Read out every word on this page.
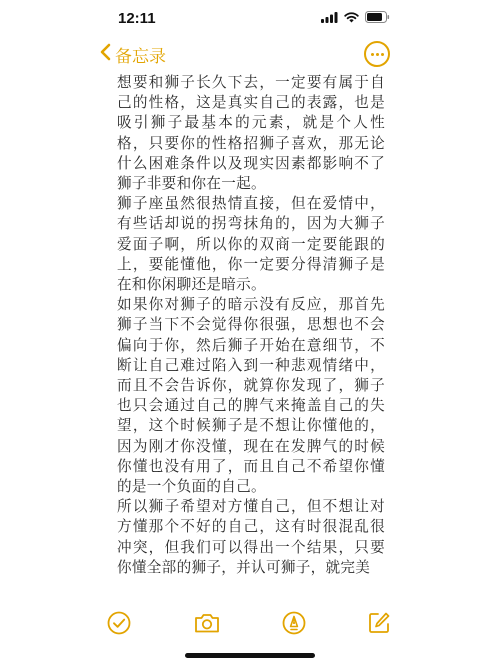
12:11
备忘录

想要和狮子长久下去，一定要有属于自己的性格，这是真实自己的表露，也是吸引狮子最基本的元素，就是个人性格，只要你的性格招狮子喜欢，那无论什么困难条件以及现实因素都影响不了狮子非要和你在一起。

狮子座虽然很热情直接，但在爱情中，有些话却说的拐弯抹角的，因为大狮子爱面子啊，所以你的双商一定要能跟的上，要能懂他，你一定要分得清狮子是在和你闲聊还是暗示。

如果你对狮子的暗示没有反应，那首先狮子当下不会觉得你很强，思想也不会偏向于你，然后狮子开始在意细节，不断让自己难过陷入到一种悲观情绪中，而且不会告诉你，就算你发现了，狮子也只会通过自己的脾气来掩盖自己的失望，这个时候狮子是不想让你懂他的，因为刚才你没懂，现在在发脾气的时候你懂也没有用了，而且自己不希望你懂的是一个负面的自己。

所以狮子希望对方懂自己，但不想让对方懂那个不好的自己，这有时很混乱很冲突，但我们可以得出一个结果，只要你懂全部的狮子，并认可狮子，就完美
